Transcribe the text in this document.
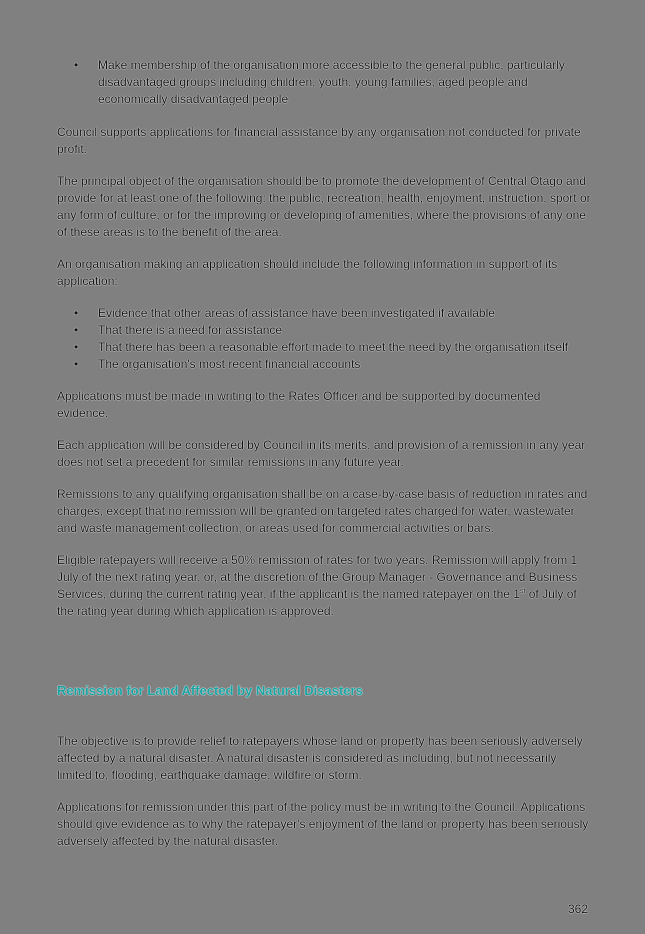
• Make membership of the organisation more accessible to the general public, particularly disadvantaged groups including children, youth, young families, aged people and economically disadvantaged people

Council supports applications for financial assistance by any organisation not conducted for private profit.

The principal object of the organisation should be to promote the development of Central Otago and provide for at least one of the following: the public, recreation, health, enjoyment, instruction, sport or any form of culture, or for the improving or developing of amenities, where the provisions of any one of these areas is to the benefit of the area.

An organisation making an application should include the following information in support of its application:

• Evidence that other areas of assistance have been investigated if available
• That there is a need for assistance
• That there has been a reasonable effort made to meet the need by the organisation itself
• The organisation's most recent financial accounts

Applications must be made in writing to the Rates Officer and be supported by documented evidence.

Each application will be considered by Council in its merits, and provision of a remission in any year does not set a precedent for similar remissions in any future year.

Remissions to any qualifying organisation shall be on a case-by-case basis of reduction in rates and charges, except that no remission will be granted on targeted rates charged for water, wastewater and waste management collection, or areas used for commercial activities or bars.

Eligible ratepayers will receive a 50% remission of rates for two years. Remission will apply from 1 July of the next rating year, or, at the discretion of the Group Manager - Governance and Business Services, during the current rating year, if the applicant is the named ratepayer on the 1st of July of the rating year during which application is approved.

Remission for Land Affected by Natural Disasters

The objective is to provide relief to ratepayers whose land or property has been seriously adversely affected by a natural disaster. A natural disaster is considered as including, but not necessarily limited to, flooding, earthquake damage, wildfire or storm.

Applications for remission under this part of the policy must be in writing to the Council. Applications should give evidence as to why the ratepayer's enjoyment of the land or property has been seriously adversely affected by the natural disaster.

362
